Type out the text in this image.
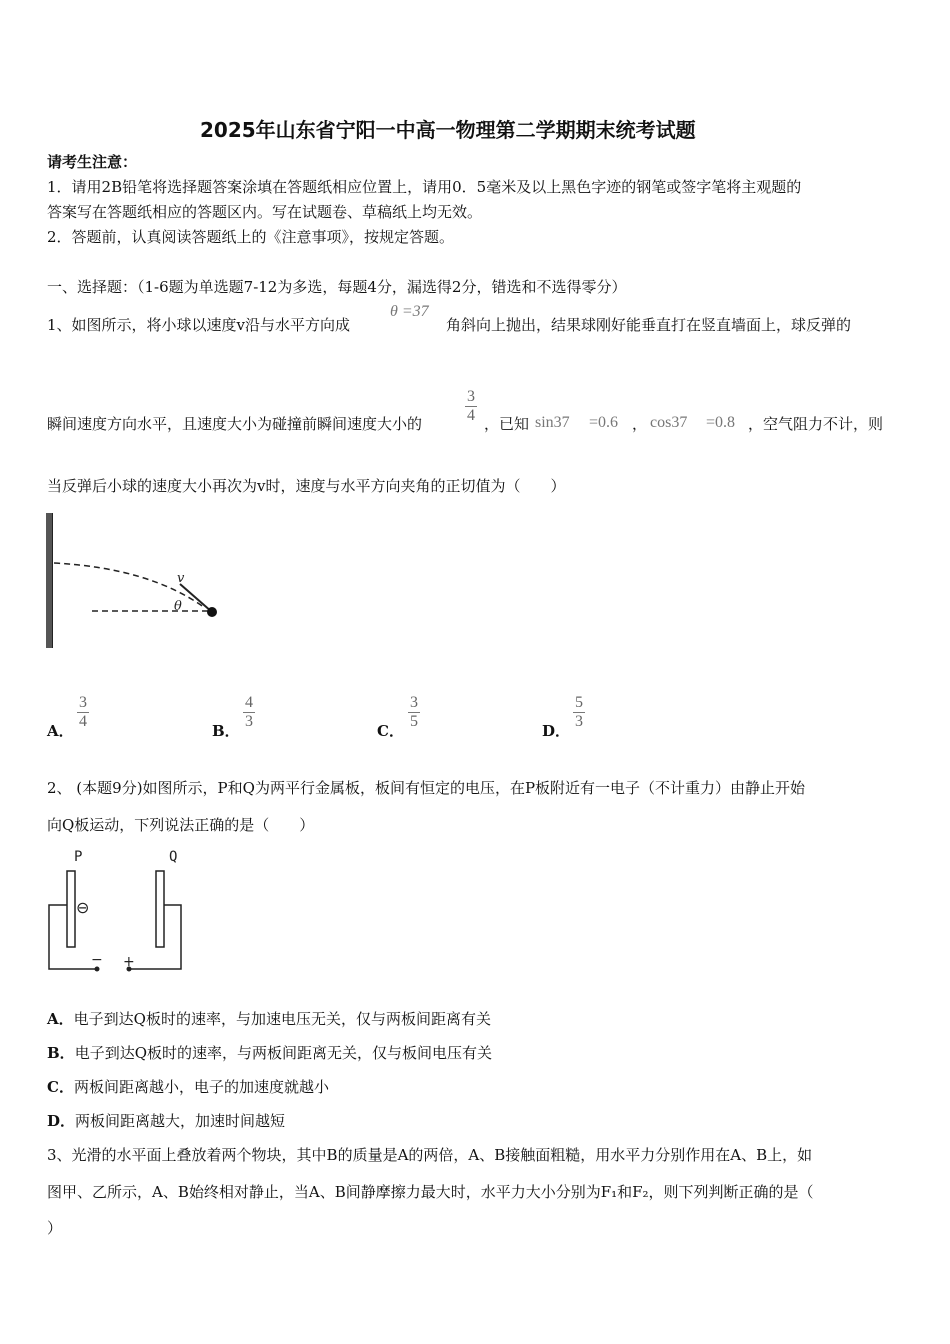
2025年山东省宁阳一中高一物理第二学期期末统考试题
请考生注意：
1．请用2B铅笔将选择题答案涂填在答题纸相应位置上，请用0．5毫米及以上黑色字迹的钢笔或签字笔将主观题的
答案写在答题纸相应的答题区内。写在试题卷、草稿纸上均无效。
2．答题前，认真阅读答题纸上的《注意事项》，按规定答题。
一、选择题：（1-6题为单选题7-12为多选，每题4分，漏选得2分，错选和不选得零分）
1、如图所示，将小球以速度v沿与水平方向成
θ =37
角斜向上抛出，结果球刚好能垂直打在竖直墙面上，球反弹的
瞬间速度方向水平，且速度大小为碰撞前瞬间速度大小的	$\frac{3}{4}$ ，已知 sin37 =0.6 ， cos37 =0.8 ，空气阻力不计，则
当反弹后小球的速度大小再次为v时，速度与水平方向夹角的正切值为（　　）
v
θ
A． $\frac{3}{4}$	B． $\frac{4}{3}$	C． $\frac{3}{5}$	D． $\frac{5}{3}$
2、 (本题9分)如图所示，P和Q为两平行金属板，板间有恒定的电压，在P板附近有一电子（不计重力）由静止开始
向Q板运动，下列说法正确的是（　　）
P	Q
⊖
− +
A．电子到达Q板时的速率，与加速电压无关，仅与两板间距离有关
B．电子到达Q板时的速率，与两板间距离无关，仅与板间电压有关
C．两板间距离越小，电子的加速度就越小
D．两板间距离越大，加速时间越短
3、光滑的水平面上叠放着两个物块，其中B的质量是A的两倍，A、B接触面粗糙，用水平力分别作用在A、B上，如
图甲、乙所示，A、B始终相对静止，当A、B间静摩擦力最大时，水平力大小分别为F₁和F₂，则下列判断正确的是（
）
